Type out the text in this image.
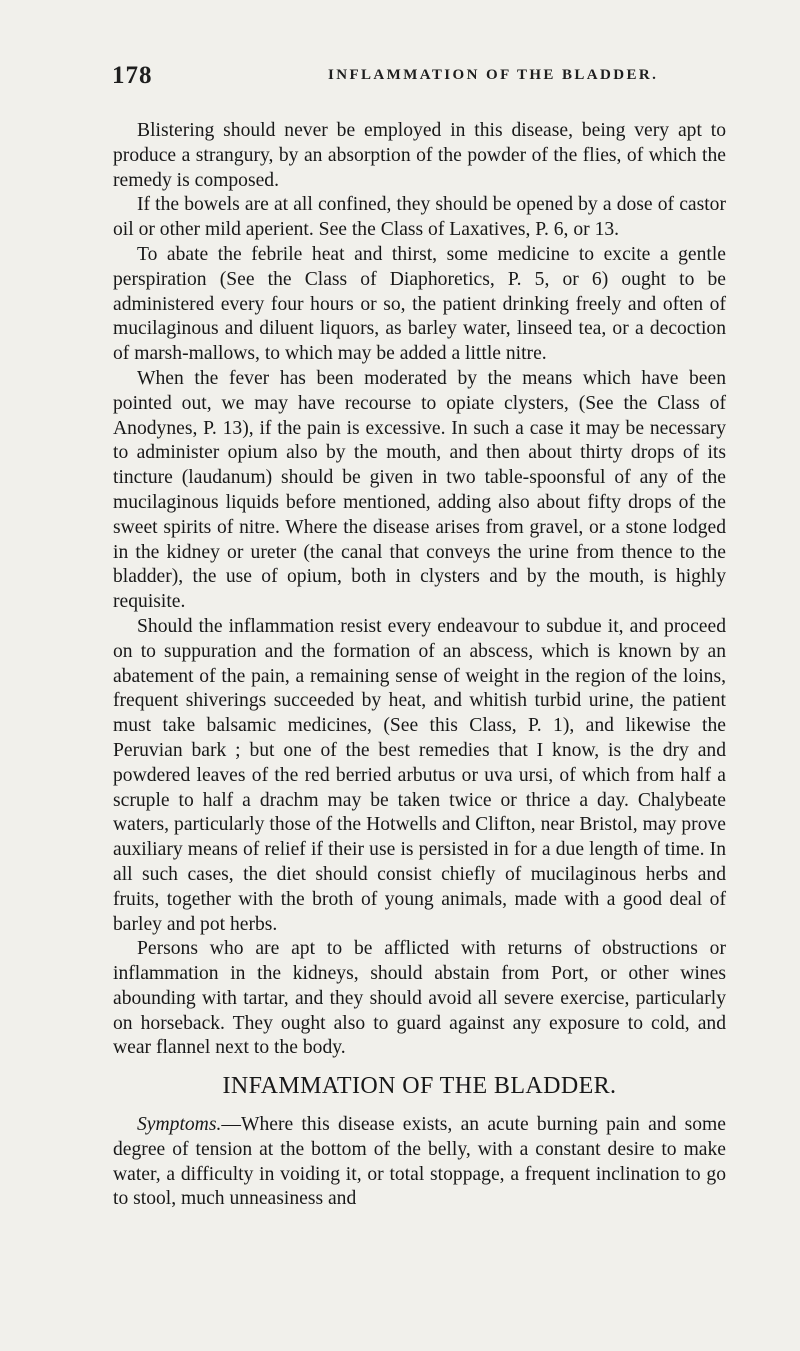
178	INFLAMMATION OF THE BLADDER.

Blistering should never be employed in this disease, being very apt to produce a strangury, by an absorption of the powder of the flies, of which the remedy is composed.

If the bowels are at all confined, they should be opened by a dose of castor oil or other mild aperient. See the Class of Laxatives, P. 6, or 13.

To abate the febrile heat and thirst, some medicine to excite a gentle perspiration (See the Class of Diaphoretics, P. 5, or 6) ought to be administered every four hours or so, the patient drinking freely and often of mucilaginous and diluent liquors, as barley water, linseed tea, or a decoction of marsh-mallows, to which may be added a little nitre.

When the fever has been moderated by the means which have been pointed out, we may have recourse to opiate clysters, (See the Class of Anodynes, P. 13), if the pain is excessive. In such a case it may be necessary to administer opium also by the mouth, and then about thirty drops of its tincture (laudanum) should be given in two table-spoonsful of any of the mucilaginous liquids before mentioned, adding also about fifty drops of the sweet spirits of nitre. Where the disease arises from gravel, or a stone lodged in the kidney or ureter (the canal that conveys the urine from thence to the bladder), the use of opium, both in clysters and by the mouth, is highly requisite.

Should the inflammation resist every endeavour to subdue it, and proceed on to suppuration and the formation of an abscess, which is known by an abatement of the pain, a remaining sense of weight in the region of the loins, frequent shiverings succeeded by heat, and whitish turbid urine, the patient must take balsamic medicines, (See this Class, P. 1), and likewise the Peruvian bark ; but one of the best remedies that I know, is the dry and powdered leaves of the red berried arbutus or uva ursi, of which from half a scruple to half a drachm may be taken twice or thrice a day. Chalybeate waters, particularly those of the Hotwells and Clifton, near Bristol, may prove auxiliary means of relief if their use is persisted in for a due length of time. In all such cases, the diet should consist chiefly of mucilaginous herbs and fruits, together with the broth of young animals, made with a good deal of barley and pot herbs.

Persons who are apt to be afflicted with returns of obstructions or inflammation in the kidneys, should abstain from Port, or other wines abounding with tartar, and they should avoid all severe exercise, particularly on horseback. They ought also to guard against any exposure to cold, and wear flannel next to the body.

INFAMMATION OF THE BLADDER.

Symptoms.—Where this disease exists, an acute burning pain and some degree of tension at the bottom of the belly, with a constant desire to make water, a difficulty in voiding it, or total stoppage, a frequent inclination to go to stool, much unneasiness and
